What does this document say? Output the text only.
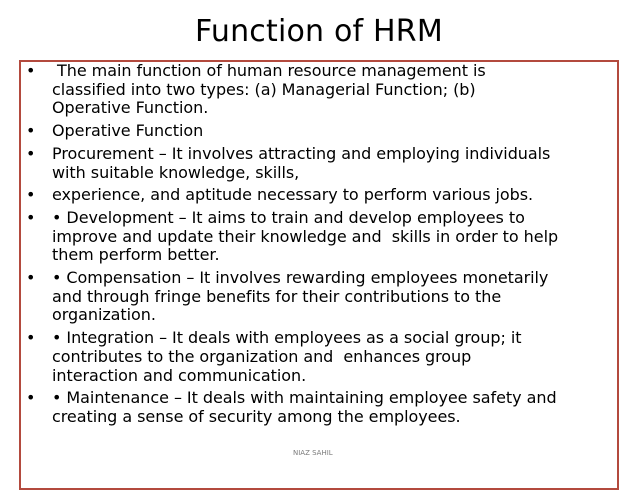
Function of HRM
•	The main function of human resource management is
classified into two types: (a) Managerial Function; (b)
Operative Function.
•	Operative Function
•	Procurement – It involves attracting and employing individuals
with suitable knowledge, skills,
•	experience, and aptitude necessary to perform various jobs.
•	• Development – It aims to train and develop employees to
improve and update their knowledge and  skills in order to help
them perform better.
•	• Compensation – It involves rewarding employees monetarily
and through fringe benefits for their contributions to the
organization.
•	• Integration – It deals with employees as a social group; it
contributes to the organization and  enhances group
interaction and communication.
•	• Maintenance – It deals with maintaining employee safety and
creating a sense of security among the employees.
NIAZ SAHIL
